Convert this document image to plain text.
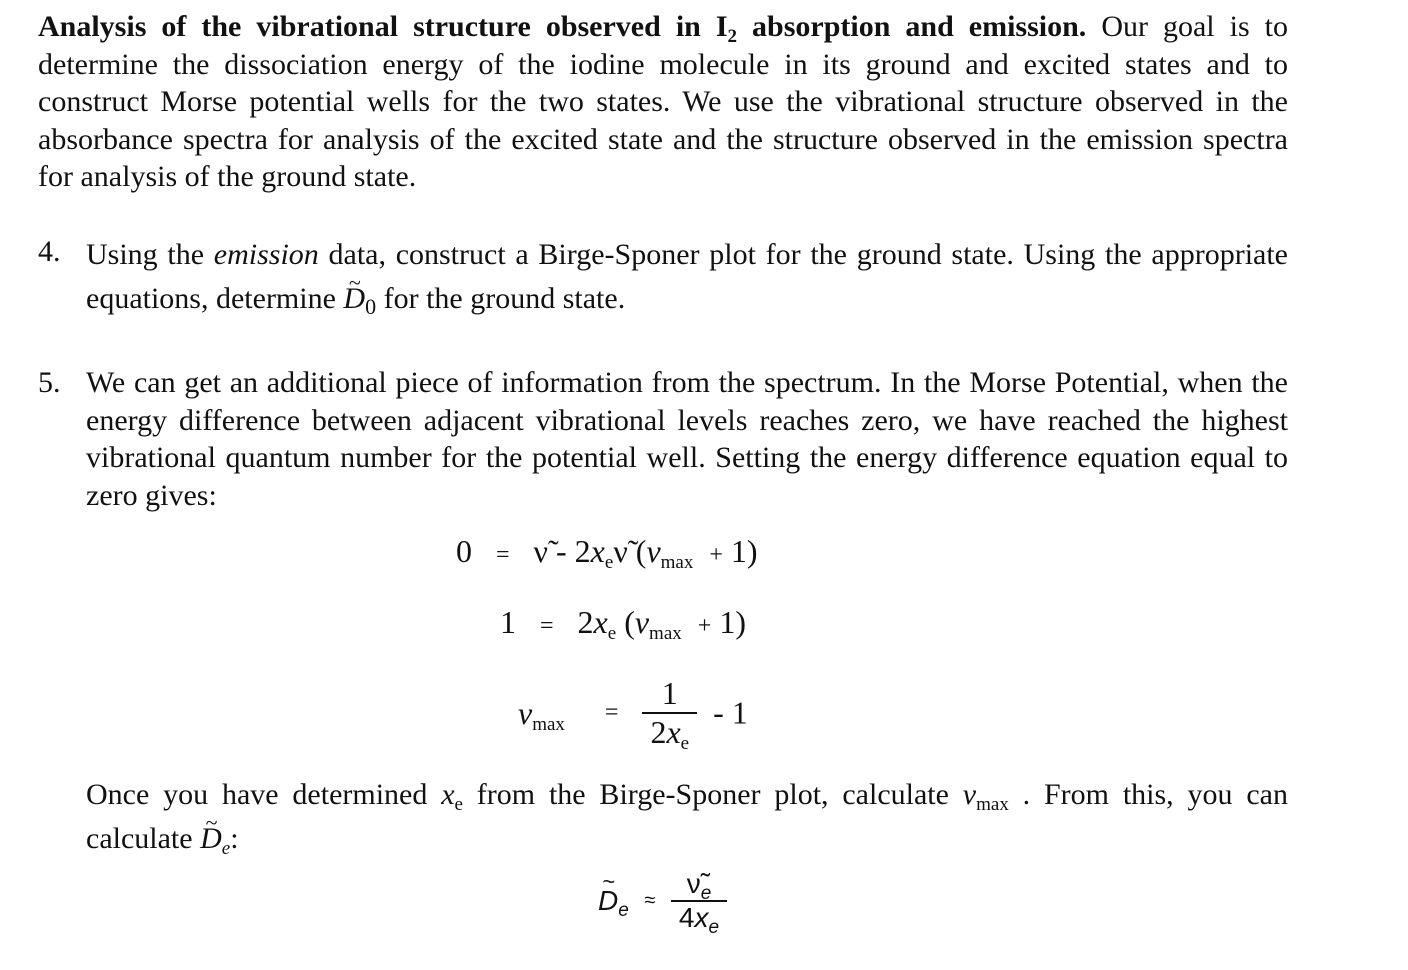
Analysis of the vibrational structure observed in $I_2$ absorption and emission. Our goal is to determine the dissociation energy of the iodine molecule in its ground and excited states and to construct Morse potential wells for the two states. We use the vibrational structure observed in the absorbance spectra for analysis of the excited state and the structure observed in the emission spectra for analysis of the ground state.
4. Using the emission data, construct a Birge-Sponer plot for the ground state. Using the appropriate equations, determine ~ $D_0$ for the ground state.
5. We can get an additional piece of information from the spectrum. In the Morse Potential, when the energy difference between adjacent vibrational levels reaches zero, we have reached the highest vibrational quantum number for the potential well. Setting the energy difference equation equal to zero gives:
0 = ν̃ - $2x_e\nũ$ $(v_{max} + 1)$
$1 = 2x_e$ $(v_{max} + 1)$
$v_{max} = \frac{1}{2x_e} - 1$
Once you have determined $x_e$ from the Birge-Sponer plot, calculate $v_{max}$ . From this, you can calculate ~ $D_e$:
~ $D_e \approx \frac{\nũ_e}{4x_e}$
